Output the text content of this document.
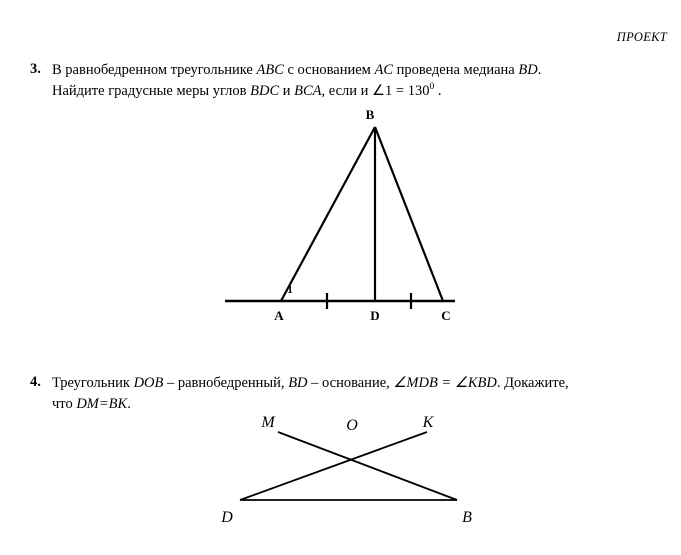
ПРОЕКТ
3. В равнобедренном треугольнике ABC с основанием AC проведена медиана BD.
Найдите градусные меры углов BDC и BCA, если и ∠1 = $130^0$ .
B
A	D	C
1
4. Треугольник DOB – равнобедренный, BD – основание, ∠MDB = ∠KBD. Докажите,
что DM=BK.
M	O	K
D	B
